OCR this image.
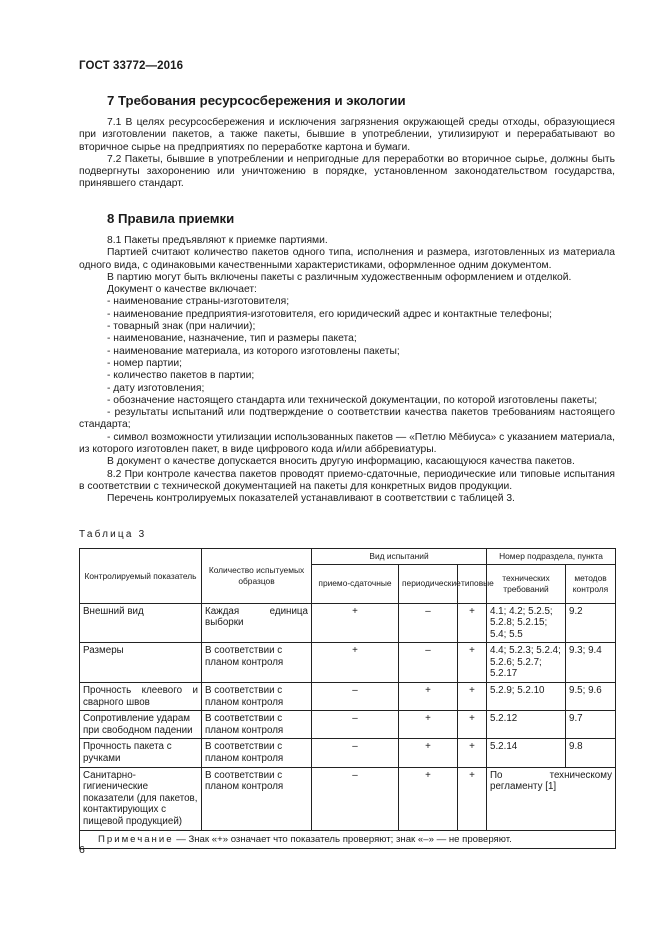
ГОСТ 33772—2016
7 Требования ресурсосбережения и экологии

7.1 В целях ресурсосбережения и исключения загрязнения окружающей среды отходы, образующиеся при изготовлении пакетов, а также пакеты, бывшие в употреблении, утилизируют и перерабатывают во вторичное сырье на предприятиях по переработке картона и бумаги.

7.2 Пакеты, бывшие в употреблении и непригодные для переработки во вторичное сырье, должны быть подвергнуты захоронению или уничтожению в порядке, установленном законодательством государства, принявшего стандарт.

8 Правила приемки

8.1 Пакеты предъявляют к приемке партиями.

Партией считают количество пакетов одного типа, исполнения и размера, изготовленных из материала одного вида, с одинаковыми качественными характеристиками, оформленное одним документом.

В партию могут быть включены пакеты с различным художественным оформлением и отделкой.

Документ о качестве включает:

- наименование страны-изготовителя;

- наименование предприятия-изготовителя, его юридический адрес и контактные телефоны;

- товарный знак (при наличии);

- наименование, назначение, тип и размеры пакета;

- наименование материала, из которого изготовлены пакеты;

- номер партии;

- количество пакетов в партии;

- дату изготовления;

- обозначение настоящего стандарта или технической документации, по которой изготовлены пакеты;

- результаты испытаний или подтверждение о соответствии качества пакетов требованиям настоящего стандарта;

- символ возможности утилизации использованных пакетов — «Петлю Мёбиуса» с указанием материала, из которого изготовлен пакет, в виде цифрового кода и/или аббревиатуры.

В документ о качестве допускается вносить другую информацию, касающуюся качества пакетов.

8.2 При контроле качества пакетов проводят приемо-сдаточные, периодические или типовые испытания в соответствии с технической документацией на пакеты для конкретных видов продукции.

Перечень контролируемых показателей устанавливают в соответствии с таблицей 3.

Таблица 3
Контролируемый показатель	Количество испытуемых образцов	Вид испытаний			Номер подраздела, пункта	
		приемо-сдаточные	периодические	типовые	технических требований	методов контроля
Внешний вид	Каждая единица выборки	+	–	+	4.1; 4.2; 5.2.5; 5.2.8; 5.2.15; 5.4; 5.5	9.2
Размеры	В соответствии с планом контроля	+	–	+	4.4; 5.2.3; 5.2.4; 5.2.6; 5.2.7; 5.2.17	9.3; 9.4
Прочность клеевого и сварного швов	В соответствии с планом контроля	–	+	+	5.2.9; 5.2.10	9.5; 9.6
Сопротивление ударам при свободном падении	В соответствии с планом контроля	–	+	+	5.2.12	9.7
Прочность пакета с ручками	В соответствии с планом контроля	–	+	+	5.2.14	9.8
Санитарно-гигиенические показатели (для пакетов, контактирующих с пищевой продукцией)	В соответствии с планом контроля	–	+	+	По техническому регламенту [1]	
Примечание — Знак «+» означает что показатель проверяют; знак «–» — не проверяют.						
6
